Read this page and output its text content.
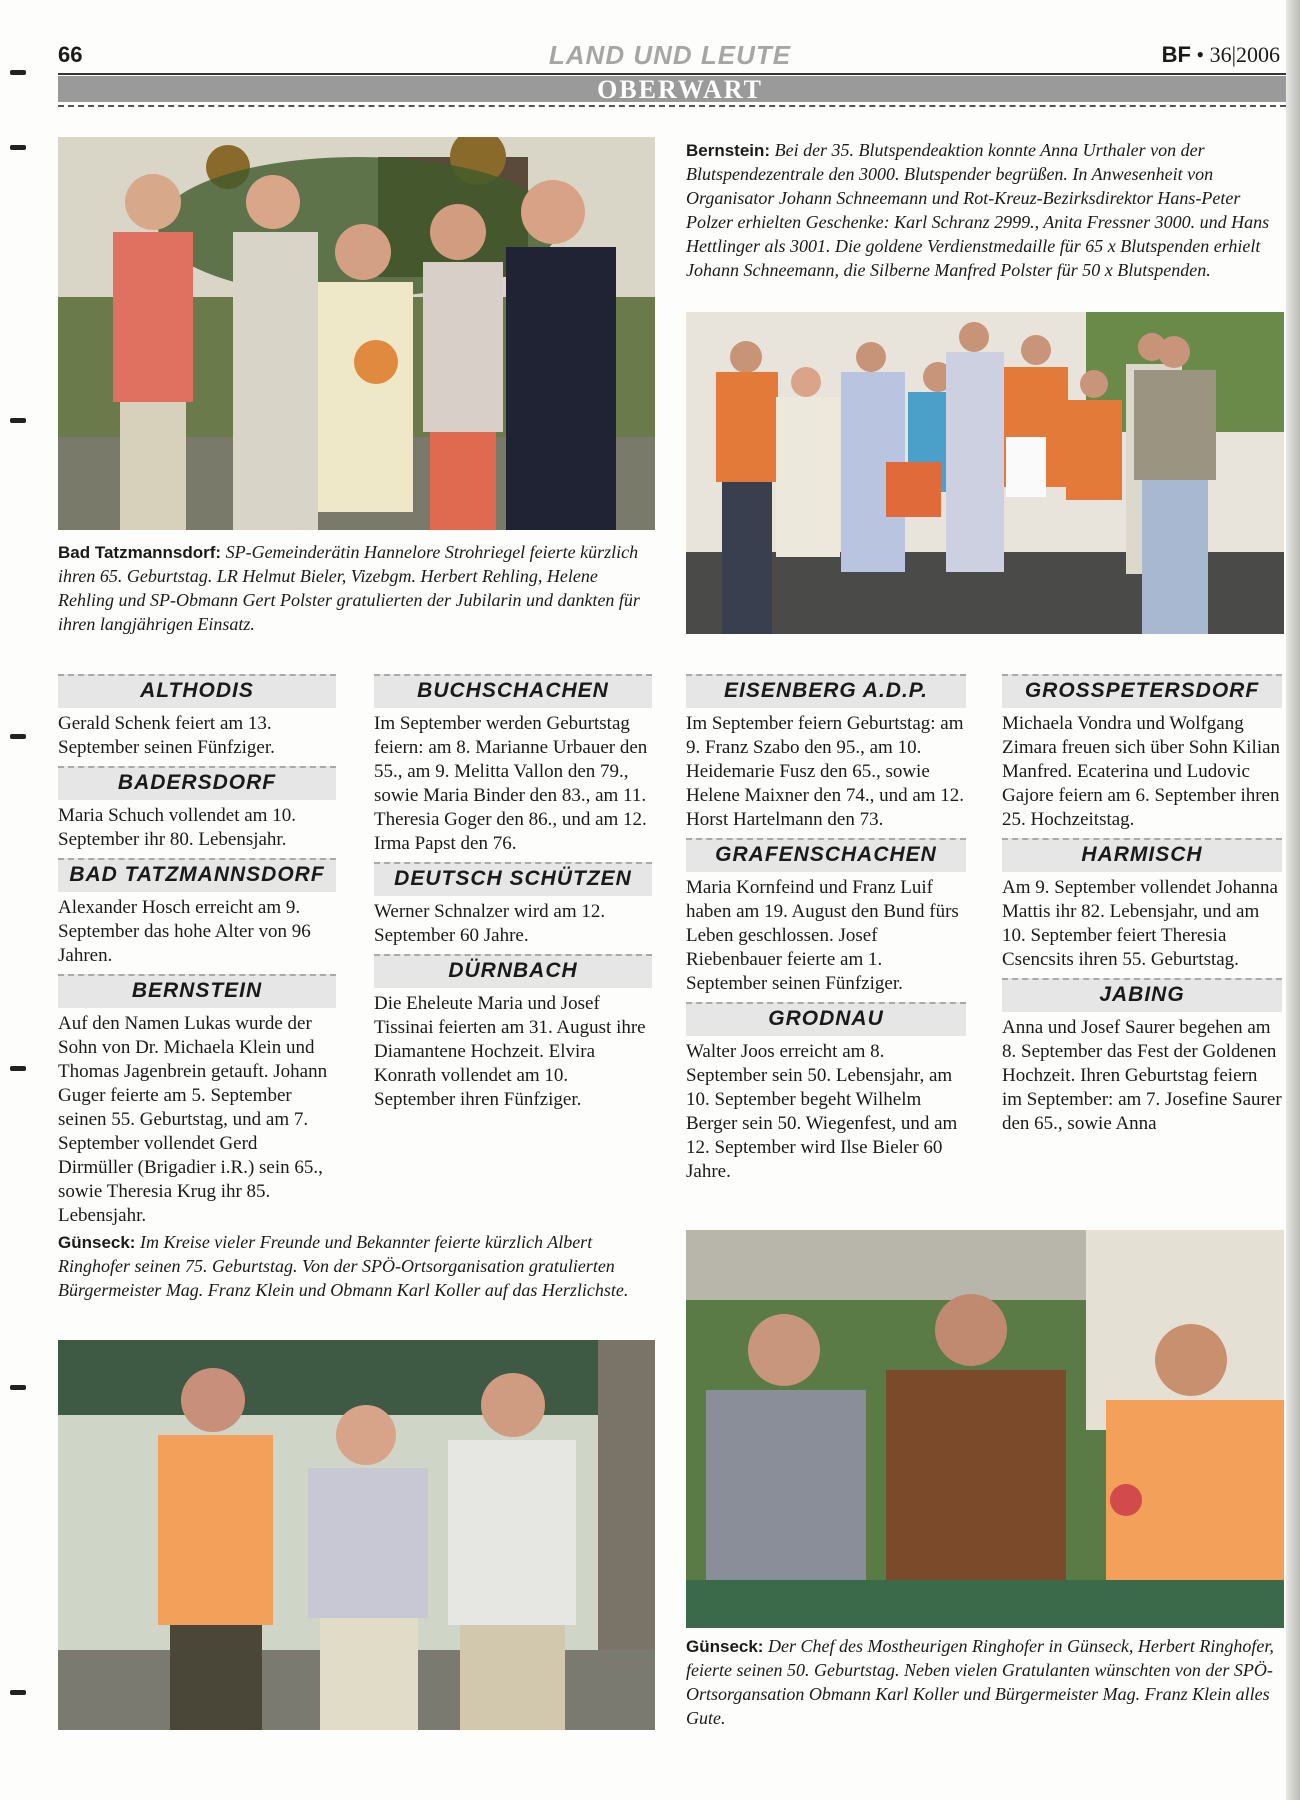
66	LAND UND LEUTE	BF • 36|2006
OBERWART
Bad Tatzmannsdorf: SP-Gemeinderätin Hannelore Strohriegel feierte kürzlich ihren 65. Geburtstag. LR Helmut Bieler, Vizebgm. Herbert Rehling, Helene Rehling und SP-Obmann Gert Polster gratulierten der Jubilarin und dankten für ihren langjährigen Einsatz.
Bernstein: Bei der 35. Blutspendeaktion konnte Anna Urthaler von der Blutspendezentrale den 3000. Blutspender begrüßen. In Anwesenheit von Organisator Johann Schneemann und Rot-Kreuz-Bezirksdirektor Hans-Peter Polzer erhielten Geschenke: Karl Schranz 2999., Anita Fressner 3000. und Hans Hettlinger als 3001. Die goldene Verdienstmedaille für 65 x Blutspenden erhielt Johann Schneemann, die Silberne Manfred Polster für 50 x Blutspenden.
ALTHODIS

Gerald Schenk feiert am 13. September seinen Fünfziger.

BADERSDORF

Maria Schuch vollendet am 10. September ihr 80. Lebensjahr.

BAD TATZMANNSDORF

Alexander Hosch erreicht am 9. September das hohe Alter von 96 Jahren.

BERNSTEIN

Auf den Namen Lukas wurde der Sohn von Dr. Michaela Klein und Thomas Jagenbrein getauft. Johann Guger feierte am 5. September seinen 55. Geburtstag, und am 7. September vollendet Gerd Dirmüller (Brigadier i.R.) sein 65., sowie Theresia Krug ihr 85. Lebensjahr.

BUCHSCHACHEN

Im September werden Geburtstag feiern: am 8. Marianne Urbauer den 55., am 9. Melitta Vallon den 79., sowie Maria Binder den 83., am 11. Theresia Goger den 86., und am 12. Irma Papst den 76.

DEUTSCH SCHÜTZEN

Werner Schnalzer wird am 12. September 60 Jahre.

DÜRNBACH

Die Eheleute Maria und Josef Tissinai feierten am 31. August ihre Diamantene Hochzeit. Elvira Konrath vollendet am 10. September ihren Fünfziger.

EISENBERG A.D.P.

Im September feiern Geburtstag: am 9. Franz Szabo den 95., am 10. Heidemarie Fusz den 65., sowie Helene Maixner den 74., und am 12. Horst Hartelmann den 73.

GRAFENSCHACHEN

Maria Kornfeind und Franz Luif haben am 19. August den Bund fürs Leben geschlossen. Josef Riebenbauer feierte am 1. September seinen Fünfziger.

GRODNAU

Walter Joos erreicht am 8. September sein 50. Lebensjahr, am 10. September begeht Wilhelm Berger sein 50. Wiegenfest, und am 12. September wird Ilse Bieler 60 Jahre.

GROSSPETERSDORF

Michaela Vondra und Wolfgang Zimara freuen sich über Sohn Kilian Manfred. Ecaterina und Ludovic Gajore feiern am 6. September ihren 25. Hochzeitstag.

HARMISCH

Am 9. September vollendet Johanna Mattis ihr 82. Lebensjahr, und am 10. September feiert Theresia Csencsits ihren 55. Geburtstag.

JABING

Anna und Josef Saurer begehen am 8. September das Fest der Goldenen Hochzeit. Ihren Geburtstag feiern im September: am 7. Josefine Saurer den 65., sowie Anna

Günseck: Im Kreise vieler Freunde und Bekannter feierte kürzlich Albert Ringhofer seinen 75. Geburtstag. Von der SPÖ-Ortsorganisation gratulierten Bürgermeister Mag. Franz Klein und Obmann Karl Koller auf das Herzlichste.
Günseck: Der Chef des Mostheurigen Ringhofer in Günseck, Herbert Ringhofer, feierte seinen 50. Geburtstag. Neben vielen Gratulanten wünschten von der SPÖ-Ortsorgansation Obmann Karl Koller und Bürgermeister Mag. Franz Klein alles Gute.
